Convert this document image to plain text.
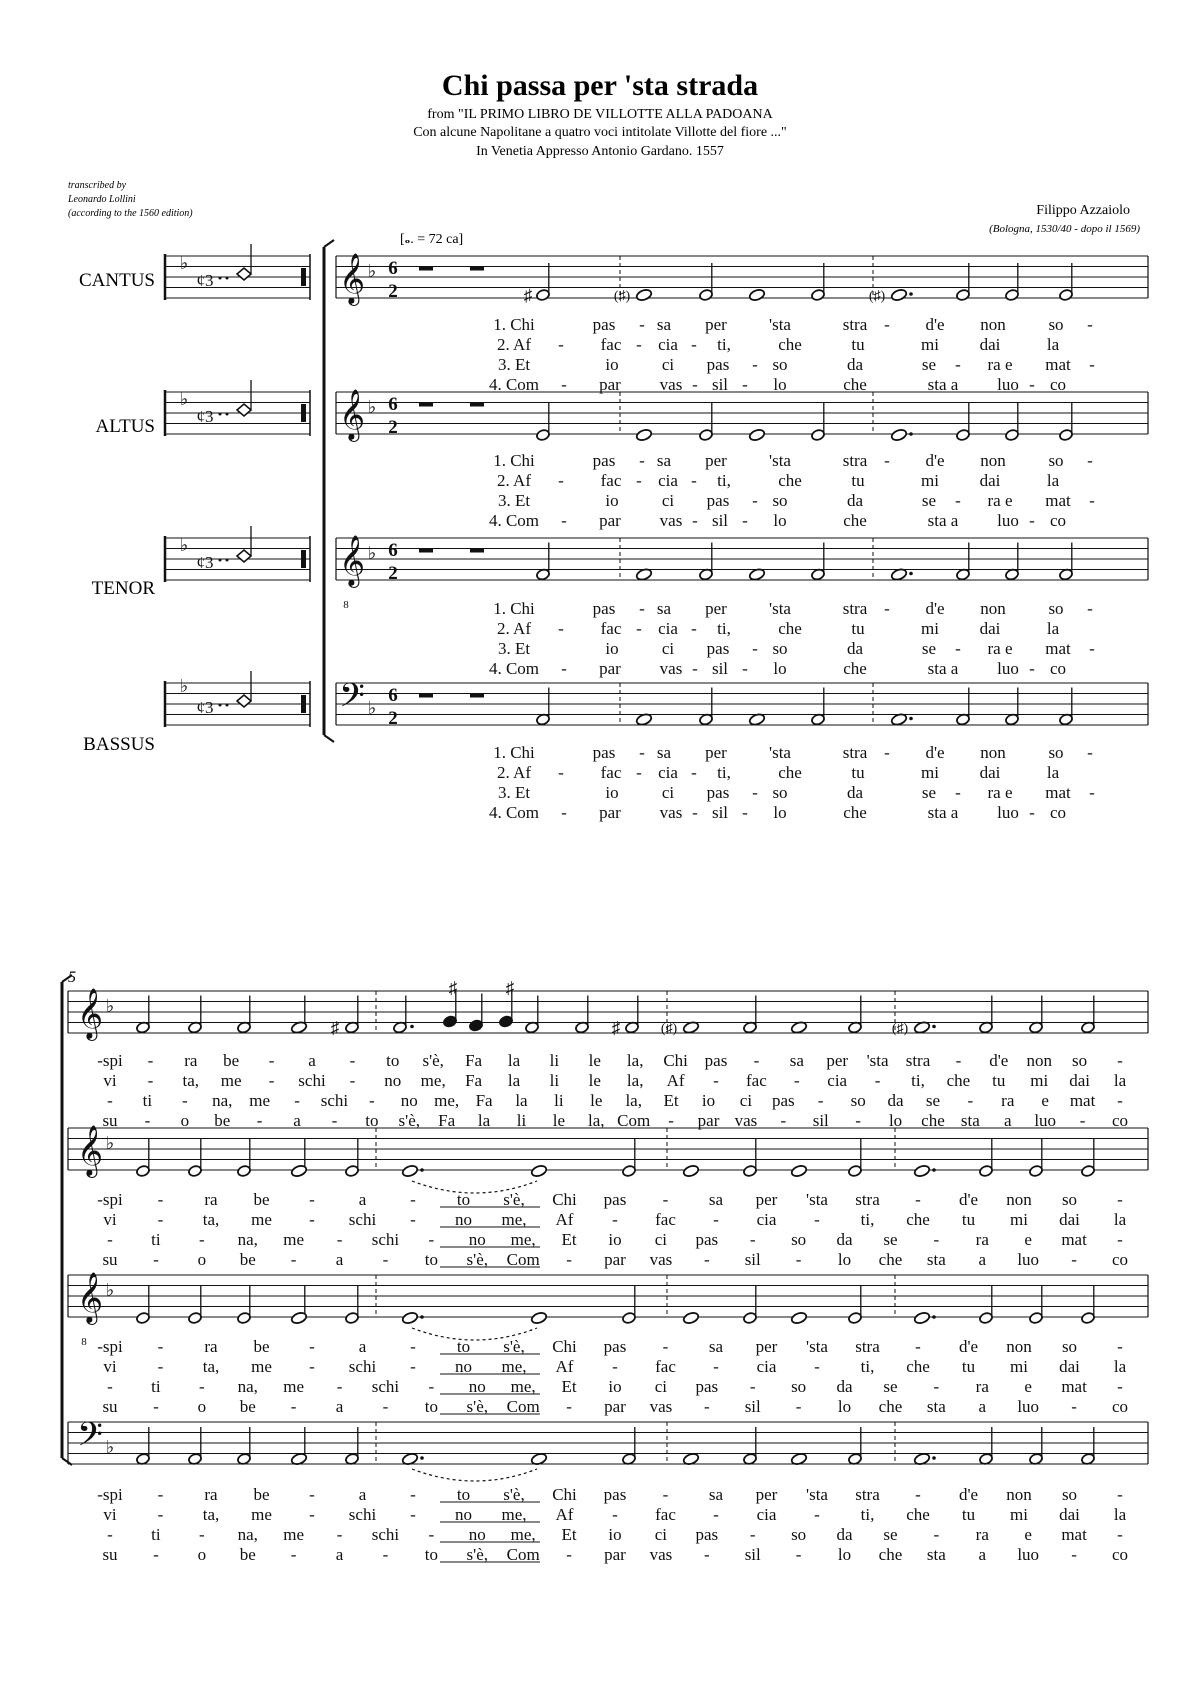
Chi passa per 'sta strada
from "IL PRIMO LIBRO DE VILLOTTE ALLA PADOANA
Con alcune Napolitane a quatro voci intitolate Villotte del fiore ..."
In Venetia Appresso Antonio Gardano. 1557
transcribed by
Leonardo Lollini
(according to the 1560 edition)	Filippo Azzaiolo
(Bologna, 1530/40 - dopo il 1569)
[𝅝. = 72 ca]
CANTUS
ALTUS
TENOR
BASSUS
5
♭
¢3
♭
¢3
♭
¢3
♭
¢3
𝄞 ♭ 6
2	♯	(♯)	(♯)
1. Chi	pas - sa per 'sta	stra - d'e non	so -
2. Af - fac - cia - ti,	che	tu	mi dai	la
3. Et	io	ci pas - so	da	se - ra e mat -
4. Com - par vas - sil - lo	che	sta a luo - co
𝄞 ♭ 6
2
1. Chi	pas - sa per 'sta	stra - d'e non	so -
2. Af - fac - cia - ti,	che	tu	mi dai	la
3. Et	io	ci pas - so	da	se - ra e mat -
4. Com - par vas - sil - lo	che	sta a luo - co
𝄞
8
♭ 6
2
1. Chi	pas - sa per 'sta	stra - d'e non	so -
2. Af - fac - cia - ti,	che	tu	mi dai	la
3. Et	io	ci pas - so	da	se - ra e mat -
4. Com - par vas - sil - lo	che	sta a luo - co
𝄢 ♭
6
2
1. Chi	pas - sa per 'sta	stra - d'e non	so -
2. Af - fac - cia - ti,	che	tu	mi dai	la
3. Et	io	ci pas - so	da	se - ra e mat -
4. Com - par vas - sil - lo	che	sta a luo - co
𝄞 ♭
♯
♯	♯
♯	(♯)	(♯)
-spi - ra be - a - to s'è, Fa la li le la, Chi pas - sa per 'sta stra - d'e non so -
vi - ta, me - schi - no me, Fa la li le la, Af - fac - cia - ti, che tu mi dai la
- ti - na, me - schi - no me, Fa la li le la, Et io ci pas - so da se - ra e mat -
su - o be - a - to s'è, Fa la li le la, Com - par vas - sil - lo che sta a luo - co
𝄞 ♭
-spi - ra be -	a	- to s'è, Chi pas - sa per 'sta stra - d'e non so -
vi - ta, me - schi - no me, Af - fac - cia - ti, che tu mi dai la
- ti - na, me - schi - no me, Et io ci pas - so da se - ra e mat -
su - o be - a - to s'è, Com - par vas - sil - lo che sta a luo - co
𝄞
8
♭
-spi - ra be -	a	- to s'è, Chi pas - sa per 'sta stra - d'e non so -
vi - ta, me - schi - no me, Af - fac - cia - ti, che tu mi dai la
- ti - na, me - schi - no me, Et io ci pas - so da se - ra e mat -
su - o be - a - to s'è, Com - par vas - sil - lo che sta a luo - co
𝄢 ♭
-spi - ra be -	a	- to s'è, Chi pas - sa per 'sta stra - d'e non so -
vi - ta, me - schi - no me, Af - fac - cia - ti, che tu mi dai la
- ti - na, me - schi - no me, Et io ci pas - so da se - ra e mat -
su - o be - a - to s'è, Com - par vas - sil - lo che sta a luo - co
